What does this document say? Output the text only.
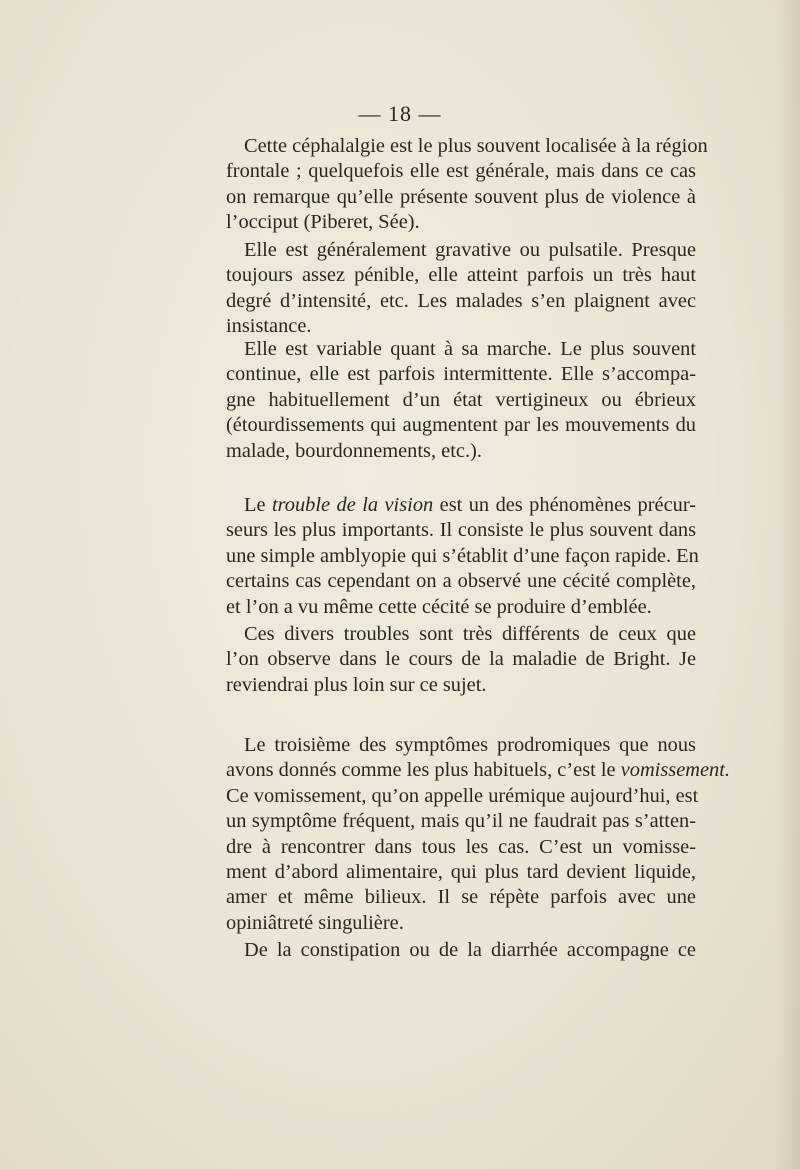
— 18 —
Cette céphalalgie est le plus souvent localisée à la région
frontale ; quelquefois elle est générale, mais dans ce cas
on remarque qu’elle présente souvent plus de violence à
l’occiput (Piberet, Sée).
Elle est généralement gravative ou pulsatile. Presque
toujours assez pénible, elle atteint parfois un très haut
degré d’intensité, etc. Les malades s’en plaignent avec
insistance.
Elle est variable quant à sa marche. Le plus souvent
continue, elle est parfois intermittente. Elle s’accompa-
gne habituellement d’un état vertigineux ou ébrieux
(étourdissements qui augmentent par les mouvements du
malade, bourdonnements, etc.).
Le trouble de la vision est un des phénomènes précur-
seurs les plus importants. Il consiste le plus souvent dans
une simple amblyopie qui s’établit d’une façon rapide. En
certains cas cependant on a observé une cécité complète,
et l’on a vu même cette cécité se produire d’emblée.
Ces divers troubles sont très différents de ceux que
l’on observe dans le cours de la maladie de Bright. Je
reviendrai plus loin sur ce sujet.
Le troisième des symptômes prodromiques que nous
avons donnés comme les plus habituels, c’est le vomissement.
Ce vomissement, qu’on appelle urémique aujourd’hui, est
un symptôme fréquent, mais qu’il ne faudrait pas s’atten-
dre à rencontrer dans tous les cas. C’est un vomisse-
ment d’abord alimentaire, qui plus tard devient liquide,
amer et même bilieux. Il se répète parfois avec une
opiniâtreté singulière.
De la constipation ou de la diarrhée accompagne ce
